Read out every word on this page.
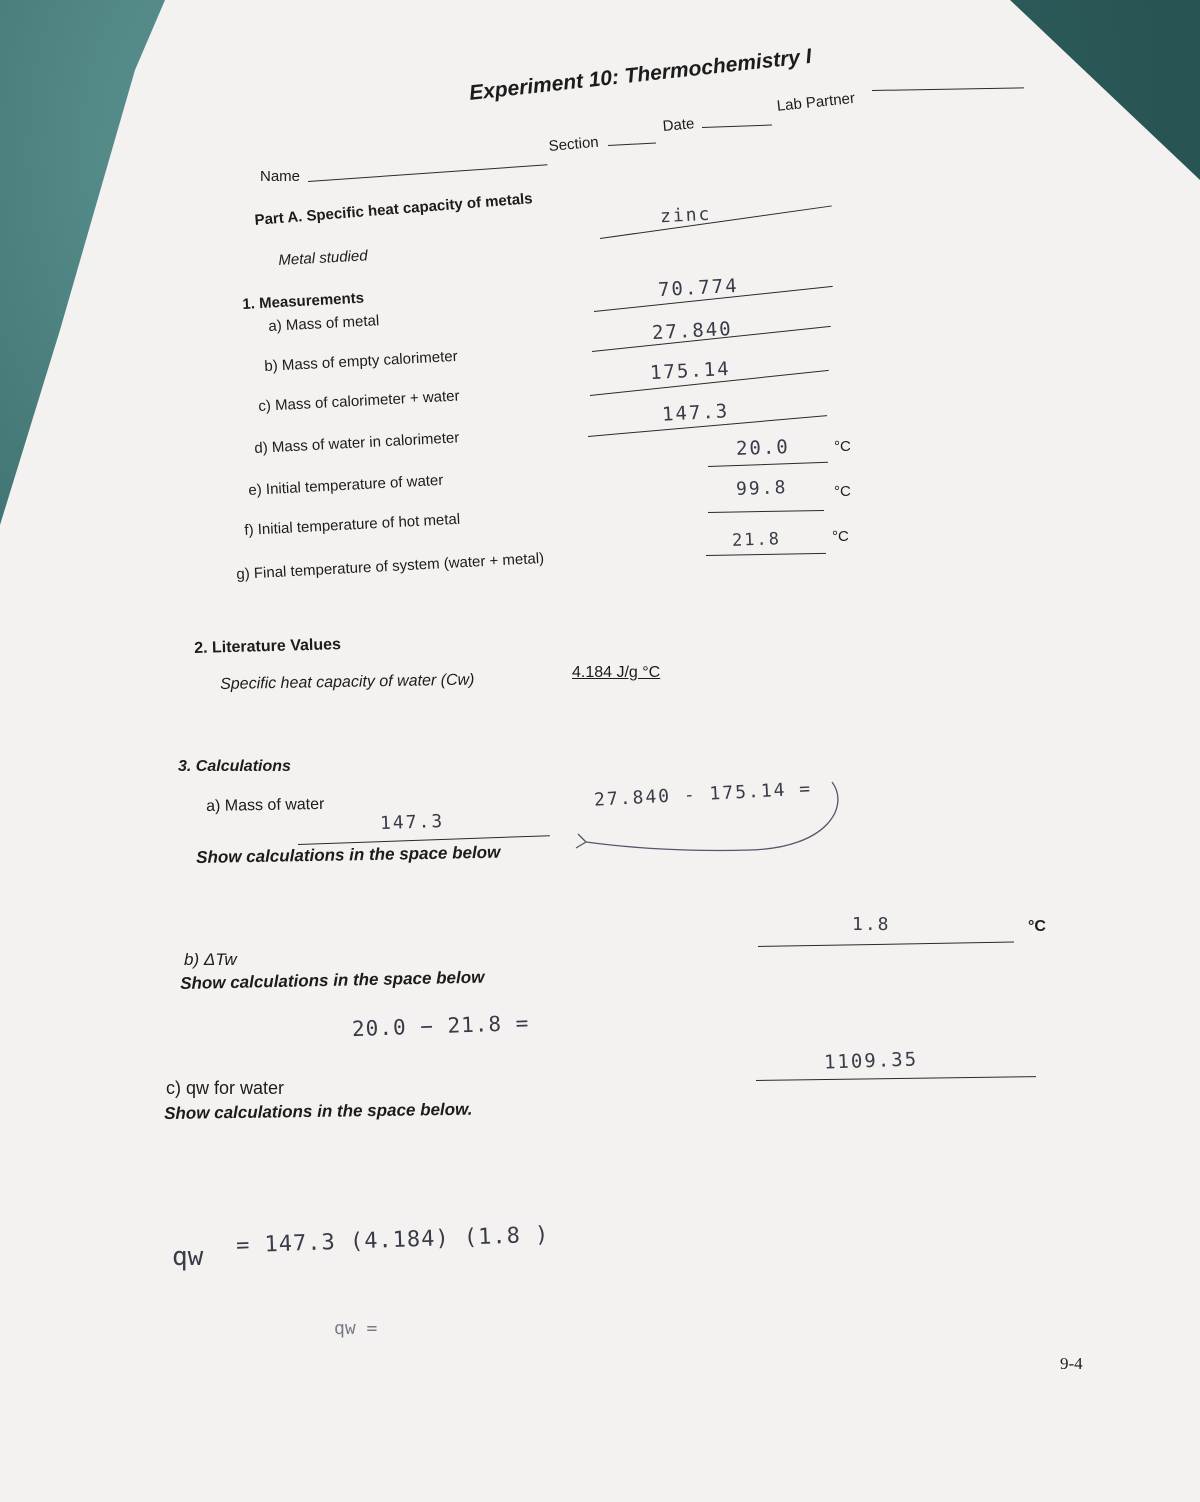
Experiment 10: Thermochemistry I
Lab Partner
Date
Section
Name
Part A. Specific heat capacity of metals
Metal studied
zinc
1. Measurements
a) Mass of metal
70.774
b) Mass of empty calorimeter
27.840
c) Mass of calorimeter + water
175.14
d) Mass of water in calorimeter
147.3
e) Initial temperature of water
20.0	°C
f) Initial temperature of hot metal
99.8	°C
g) Final temperature of system (water + metal)
21.8	°C
2. Literature Values
Specific heat capacity of water (Cw)	4.184 J/g °C
3. Calculations
a) Mass of water
147.3
Show calculations in the space below
27.840 - 175.14 =
b) ΔTw
Show calculations in the space below
1.8	°C
20.0 − 21.8 =
c) qw for water
Show calculations in the space below.
1109.35
qw = 147.3 (4.184) (1.8 )
qw =
9-4
